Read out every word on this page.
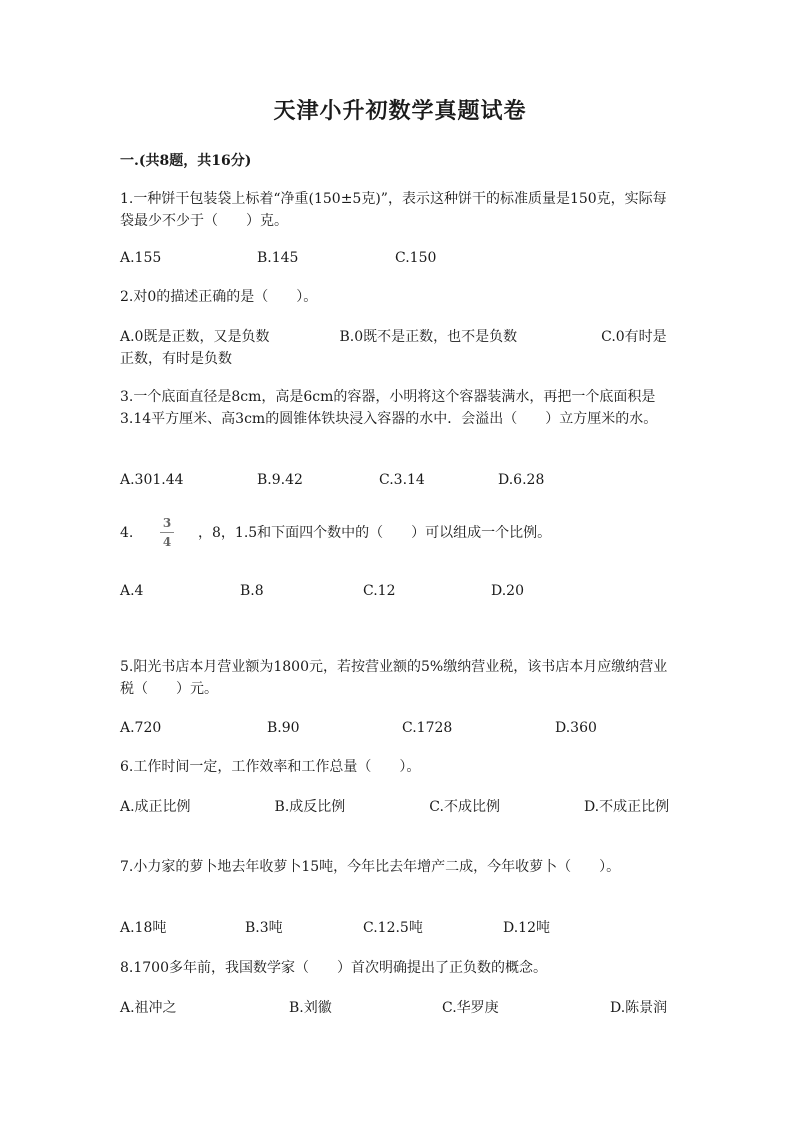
天津小升初数学真题试卷
一.(共8题，共16分)
1.一种饼干包装袋上标着“净重(150±5克)”，表示这种饼干的标准质量是150克，实际每袋最少不少于（　　）克。
A.155	B.145	C.150
2.对0的描述正确的是（　　）。
A.0既是正数，又是负数　　　　　B.0既不是正数，也不是负数　　　　　　C.0有时是正数，有时是负数
3.一个底面直径是8cm，高是6cm的容器，小明将这个容器装满水，再把一个底面积是3.14平方厘米、高3cm的圆锥体铁块浸入容器的水中．会溢出（　　）立方厘米的水。
A.301.44	B.9.42	C.3.14	D.6.28
4.
3
4
，8，1.5和下面四个数中的（　　）可以组成一个比例。
A.4	B.8	C.12	D.20
5.阳光书店本月营业额为1800元，若按营业额的5%缴纳营业税，该书店本月应缴纳营业税（　　）元。
A.720	B.90	C.1728	D.360
6.工作时间一定，工作效率和工作总量（　　）。
A.成正比例　　　　　　B.成反比例　　　　　　C.不成比例　　　　　　D.不成正比例
7.小力家的萝卜地去年收萝卜15吨，今年比去年增产二成，今年收萝卜（　　）。
A.18吨	B.3吨	C.12.5吨	D.12吨
8.1700多年前，我国数学家（　　）首次明确提出了正负数的概念。
A.祖冲之	B.刘徽	C.华罗庚	D.陈景润
